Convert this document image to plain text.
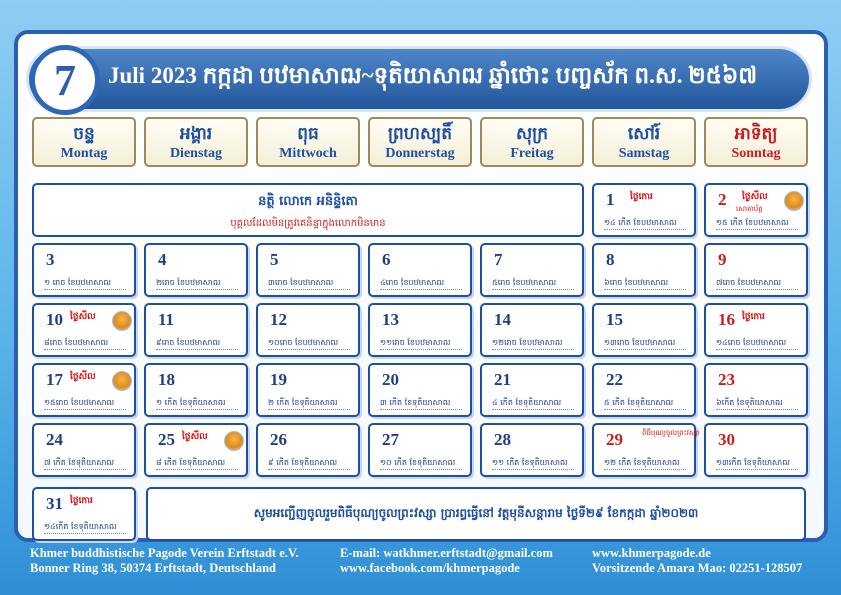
7	Juli 2023 កក្កដា បឋមាសាឍ~ទុតិយាសាឍ ឆ្នាំថោះ បញ្ចស័ក ព.ស. ២៥៦៧
ចន្ទ
Montag
អង្គារ
Dienstag
ពុធ
Mittwoch
ព្រហស្បតិ៍
Donnerstag
សុក្រ
Freitag
សៅរ៍
Samstag
អាទិត្យ
Sonntag
នត្ថិ លោកេ អនិន្ទិតោ
បុគ្គលដែលមិនត្រូវគេនិន្ទាក្នុងលោកមិនមាន
1 ថ្ងៃកោរ
១៤ កើត ខែបឋមាសាឍ
2 ថ្ងៃសីល
សោតាប័ត្ត
១៥ កើត ខែបឋមាសាឍ
3
១ រោច ខែបឋមាសាឍ
4
២រោច ខែបឋមាសាឍ
5
៣រោច ខែបឋមាសាឍ
6
៤រោច ខែបឋមាសាឍ
7
៥រោច ខែបឋមាសាឍ
8
៦រោច ខែបឋមាសាឍ
9
៧រោច ខែបឋមាសាឍ
10 ថ្ងៃសីល
៨រោច ខែបឋមាសាឍ
11
៩រោច ខែបឋមាសាឍ
12
១០រោច ខែបឋមាសាឍ
13
១១រោច ខែបឋមាសាឍ
14
១២រោច ខែបឋមាសាឍ
15
១៣រោច ខែបឋមាសាឍ
16 ថ្ងៃកោរ
១៤រោច ខែបឋមាសាឍ
17 ថ្ងៃសីល
១៥រោច ខែបឋមាសាឍ
18
១ កើត ខែទុតិយាសាឍ
19
២ កើត ខែទុតិយាសាឍ
20
៣ កើត ខែទុតិយាសាឍ
21
៤ កើត ខែទុតិយាសាឍ
22
៥ កើត ខែទុតិយាសាឍ
23
៦កើត ខែទុតិយាសាឍ
24
៧ កើត ខែទុតិយាសាឍ
25 ថ្ងៃសីល
៨ កើត ខែទុតិយាសាឍ
26
៩ កើត ខែទុតិយាសាឍ
27
១០ កើត ខែទុតិយាសាឍ
28
១១ កើត ខែទុតិយាសាឍ
29	ពិធីបុណ្យចូលព្រះវស្សា
១២ កើត ខែទុតិយាសាឍ
30
១៣កើត ខែទុតិយាសាឍ
31 ថ្ងៃកោរ
១៤កើត ខែទុតិយាសាឍ
សូមអញ្ជើញចូលរួមពិធីបុណ្យចូលព្រះវស្សា ប្រារព្ធធ្វើនៅ វត្តមុនីសន្តារាម ថ្ងៃទី២៩ ខែកក្កដា ឆ្នាំ២០២៣
Khmer buddhistische Pagode Verein Erftstadt e.V.
Bonner Ring 38, 50374 Erftstadt, Deutschland
E-mail: watkhmer.erftstadt@gmail.com
www.facebook.com/khmerpagode
www.khmerpagode.de
Vorsitzende Amara Mao: 02251-128507
